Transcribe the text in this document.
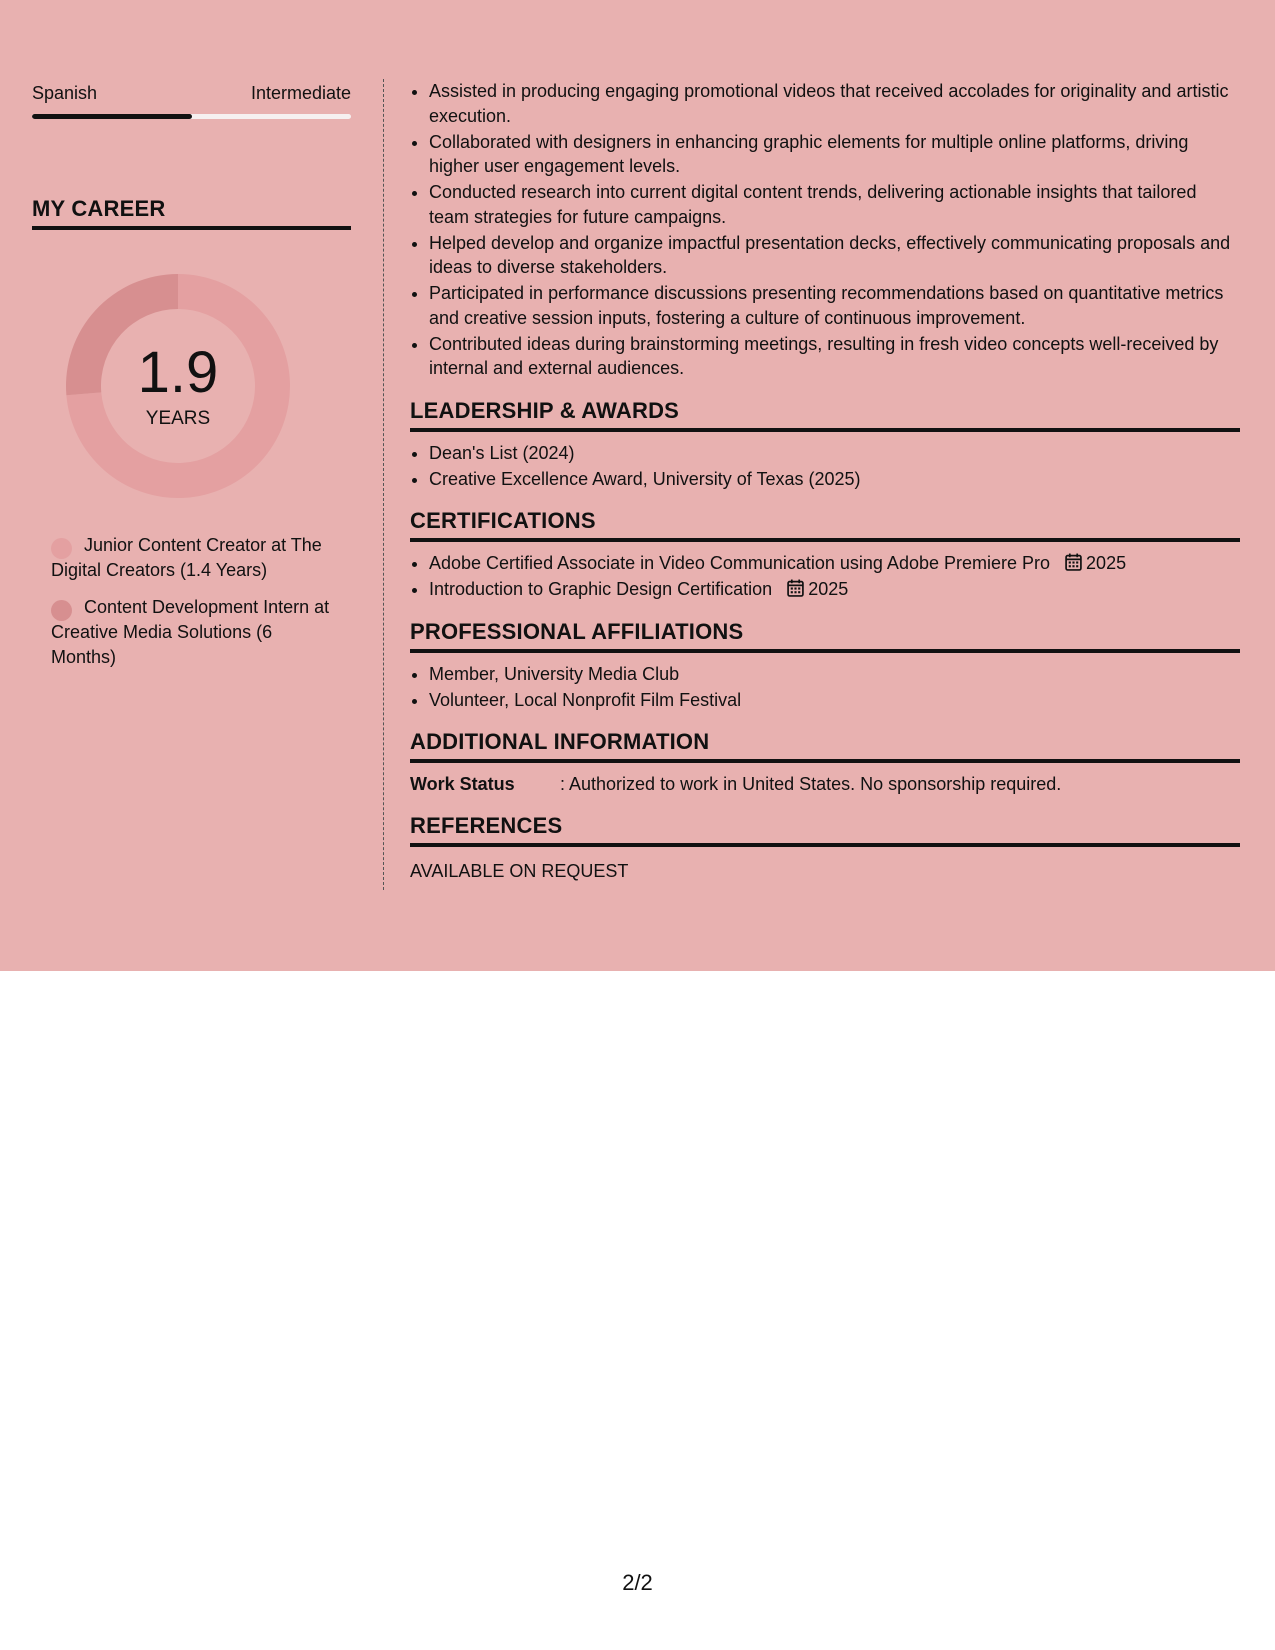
Spanish	Intermediate
MY CAREER
1.9
YEARS
Junior Content Creator at The Digital Creators (1.4 Years)
Content Development Intern at Creative Media Solutions (6 Months)
• Assisted in producing engaging promotional videos that received accolades for originality and artistic execution.
• Collaborated with designers in enhancing graphic elements for multiple online platforms, driving higher user engagement levels.
• Conducted research into current digital content trends, delivering actionable insights that tailored team strategies for future campaigns.
• Helped develop and organize impactful presentation decks, effectively communicating proposals and ideas to diverse stakeholders.
• Participated in performance discussions presenting recommendations based on quantitative metrics and creative session inputs, fostering a culture of continuous improvement.
• Contributed ideas during brainstorming meetings, resulting in fresh video concepts well-received by internal and external audiences.
LEADERSHIP & AWARDS
• Dean's List (2024)
• Creative Excellence Award, University of Texas (2025)
CERTIFICATIONS
• Adobe Certified Associate in Video Communication using Adobe Premiere Pro 2025
• Introduction to Graphic Design Certification 2025
PROFESSIONAL AFFILIATIONS
• Member, University Media Club
• Volunteer, Local Nonprofit Film Festival
ADDITIONAL INFORMATION
Work Status	: Authorized to work in United States. No sponsorship required.
REFERENCES
AVAILABLE ON REQUEST
2/2
